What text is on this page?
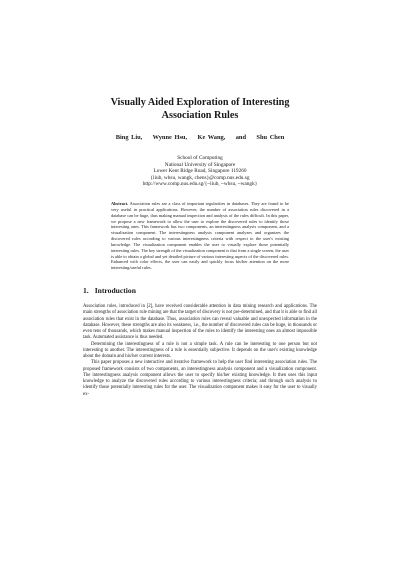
Visually Aided Exploration of Interesting
Association Rules
Bing Liu,    Wynne Hsu,    Ke Wang,    and    Shu Chen
School of Computing
National University of Singapore
Lower Kent Ridge Road, Singapore 119260
{liub, whsu, wangk, chens}@comp.nus.edu.sg
http://www.comp.nus.edu.sg/{~liub, ~whsu, ~wangk}
Abstract. Association rules are a class of important regularities in databases. They are found to be very useful in practical applications. However, the number of association rules discovered in a database can be huge, thus making manual inspection and analysis of the rules difficult. In this paper, we propose a new framework to allow the user to explore the discovered rules to identify those interesting ones. This framework has two components, an interestingness analysis component, and a visualization component. The interestingness analysis component analyzes and organizes the discovered rules according to various interestingness criteria with respect to the user's existing knowledge. The visualization component enables the user to visually explore those potentially interesting rules. The key strength of the visualization component is that from a single screen, the user is able to obtain a global and yet detailed picture of various interesting aspects of the discovered rules. Enhanced with color effects, the user can easily and quickly focus his/her attention on the more interesting/useful rules.
1. Introduction

Association rules, introduced in [2], have received considerable attention in data mining research and applications. The main strengths of association rule mining are that the target of discovery is not pre-determined, and that it is able to find all association rules that exist in the database. Thus, association rules can reveal valuable and unexpected information in the database. However, these strengths are also its weakness, i.e., the number of discovered rules can be huge, in thousands or even tens of thousands, which makes manual inspection of the rules to identify the interesting ones an almost impossible task. Automated assistance is thus needed.

Determining the interestingness of a rule is not a simple task. A rule can be interesting to one person but not interesting to another. The interestingness of a rule is essentially subjective. It depends on the user's existing knowledge about the domain and his/her current interests.

This paper proposes a new interactive and iterative framework to help the user find interesting association rules. The proposed framework consists of two components, an interestingness analysis component and a visualization component. The interestingness analysis component allows the user to specify his/her existing knowledge. It then uses this input knowledge to analyze the discovered rules according to various interestingness criteria; and through such analysis to identify those potentially interesting rules for the user. The visualization component makes it easy for the user to visually ex-
